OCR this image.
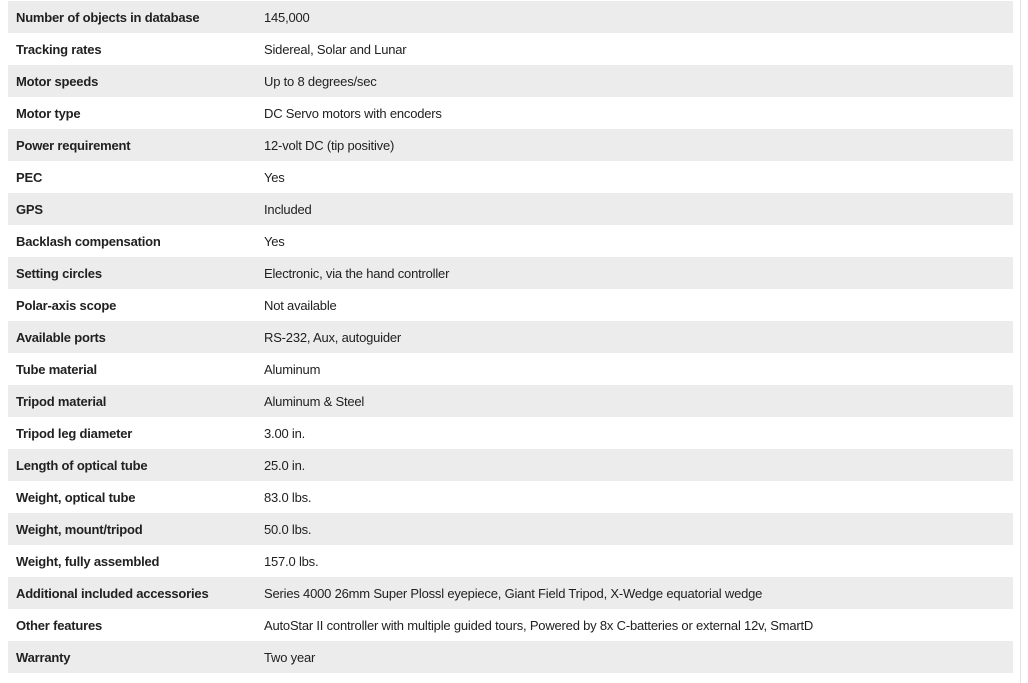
Number of objects in database	145,000
Tracking rates	Sidereal, Solar and Lunar
Motor speeds	Up to 8 degrees/sec
Motor type	DC Servo motors with encoders
Power requirement	12-volt DC (tip positive)
PEC	Yes
GPS	Included
Backlash compensation	Yes
Setting circles	Electronic, via the hand controller
Polar-axis scope	Not available
Available ports	RS-232, Aux, autoguider
Tube material	Aluminum
Tripod material	Aluminum & Steel
Tripod leg diameter	3.00 in.
Length of optical tube	25.0 in.
Weight, optical tube	83.0 lbs.
Weight, mount/tripod	50.0 lbs.
Weight, fully assembled	157.0 lbs.
Additional included accessories	Series 4000 26mm Super Plossl eyepiece, Giant Field Tripod, X-Wedge equatorial wedge
Other features	AutoStar II controller with multiple guided tours, Powered by 8x C-batteries or external 12v, SmartD
Warranty	Two year
